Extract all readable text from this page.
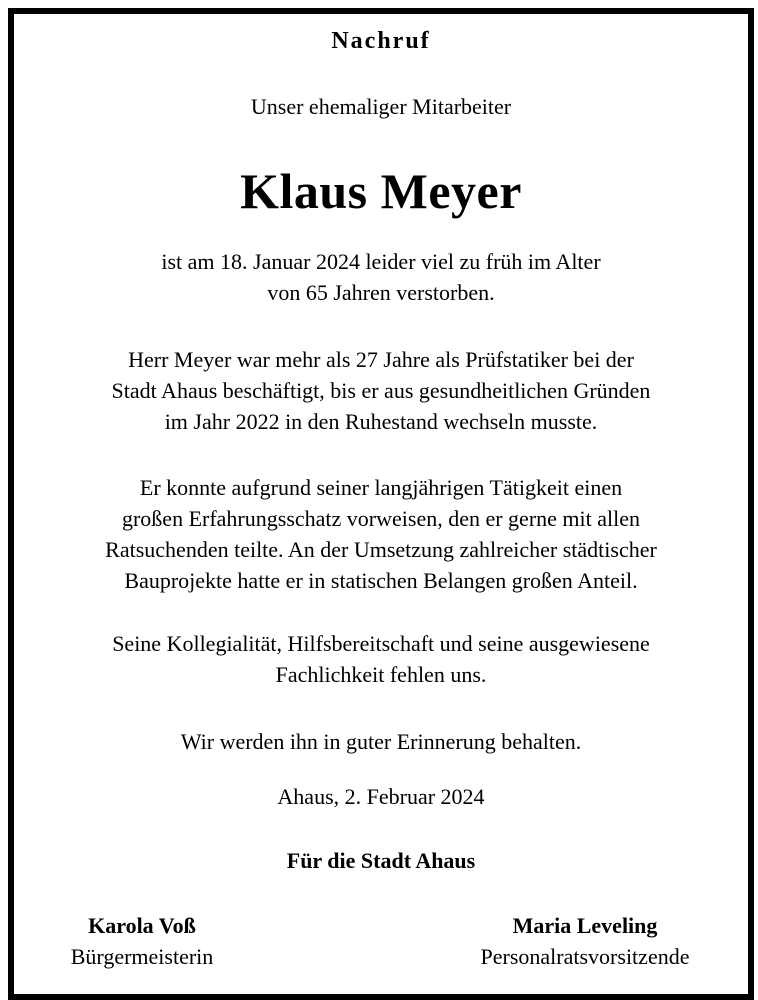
Nachruf
Unser ehemaliger Mitarbeiter
Klaus Meyer
ist am 18. Januar 2024 leider viel zu früh im Alter
von 65 Jahren verstorben.
Herr Meyer war mehr als 27 Jahre als Prüfstatiker bei der
Stadt Ahaus beschäftigt, bis er aus gesundheitlichen Gründen
im Jahr 2022 in den Ruhestand wechseln musste.
Er konnte aufgrund seiner langjährigen Tätigkeit einen
großen Erfahrungsschatz vorweisen, den er gerne mit allen
Ratsuchenden teilte. An der Umsetzung zahlreicher städtischer
Bauprojekte hatte er in statischen Belangen großen Anteil.
Seine Kollegialität, Hilfsbereitschaft und seine ausgewiesene
Fachlichkeit fehlen uns.
Wir werden ihn in guter Erinnerung behalten.
Ahaus, 2. Februar 2024
Für die Stadt Ahaus
Karola Voß
Bürgermeisterin
Maria Leveling
Personalratsvorsitzende
